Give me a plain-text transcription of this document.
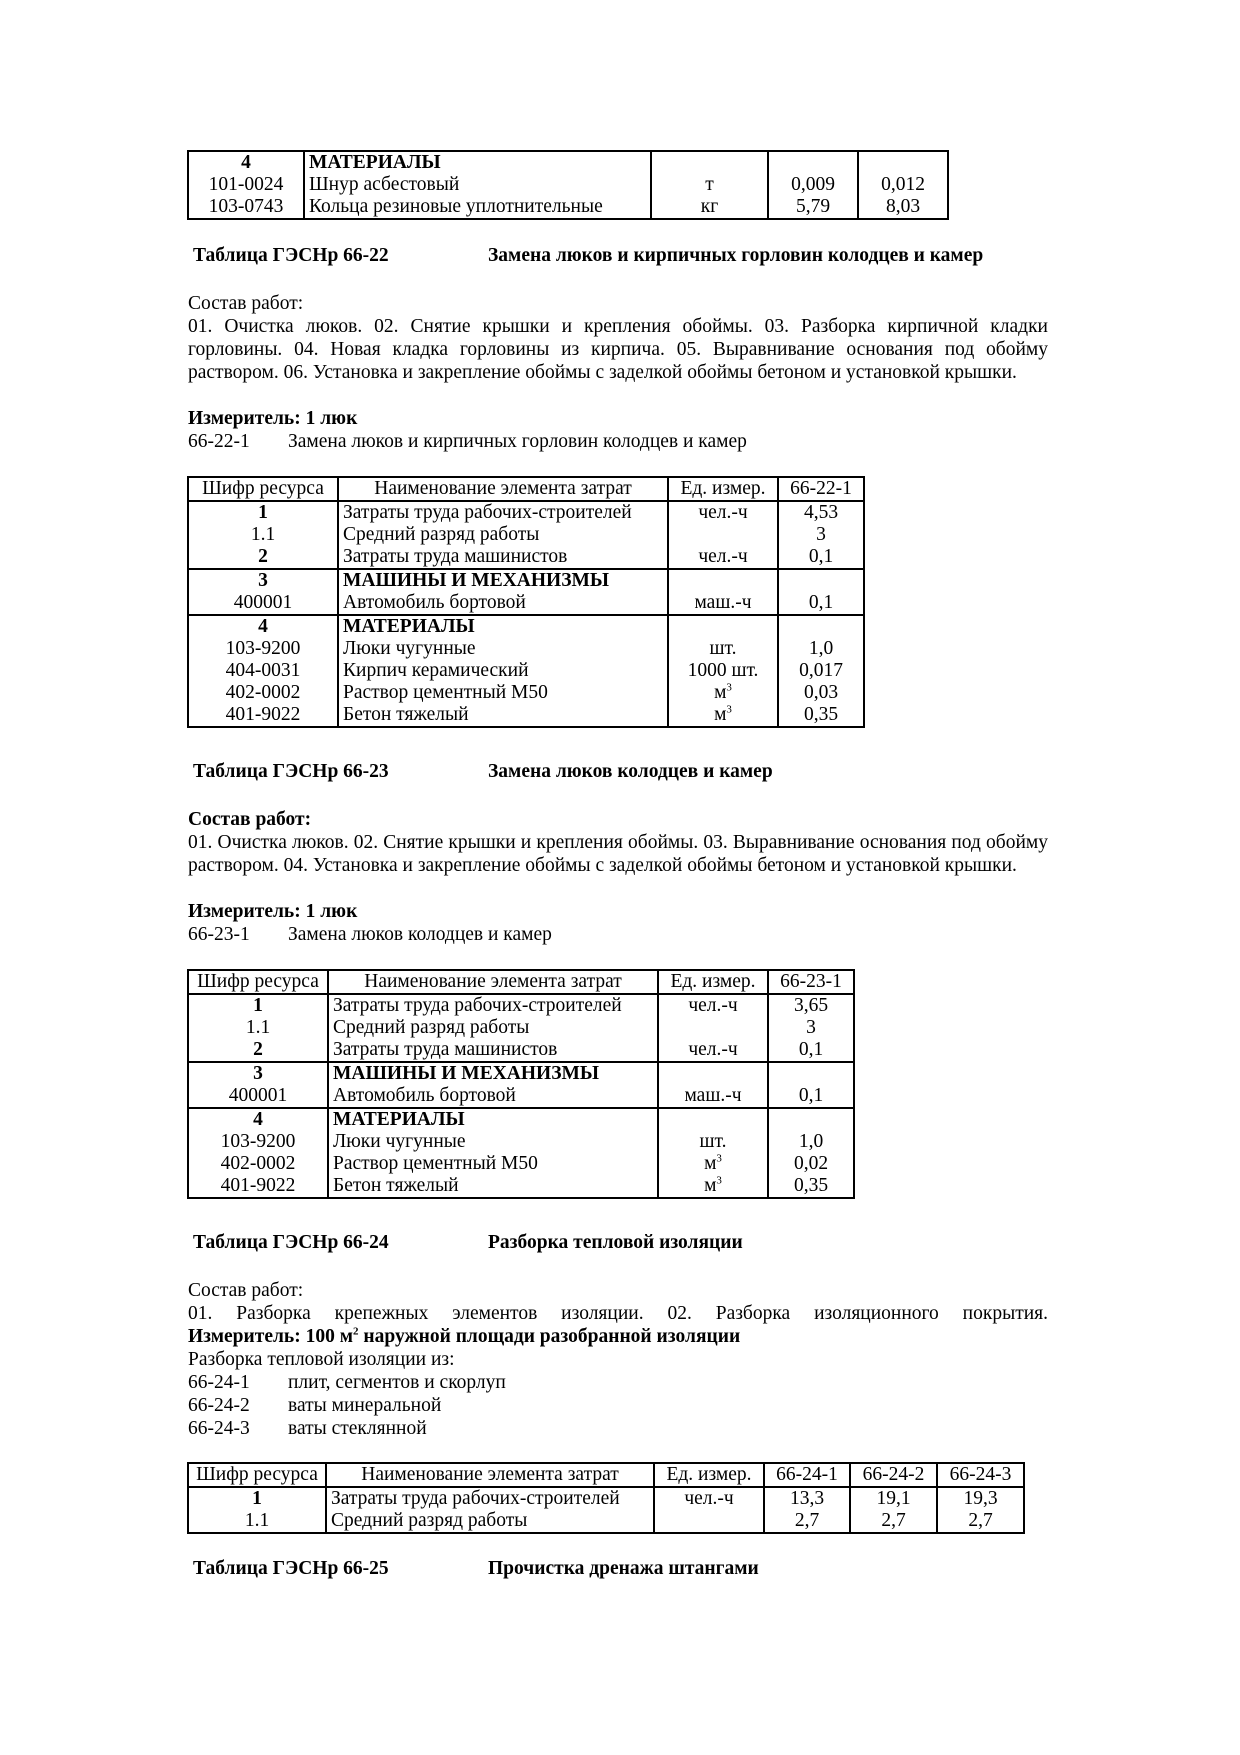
4	МАТЕРИАЛЫ			
101-0024	Шнур асбестовый	т	0,009	0,012
103-0743	Кольца резиновые уплотнительные	кг	5,79	8,03
Таблица ГЭСНр 66-22	Замена люков и кирпичных горловин колодцев и камер
Состав работ:
01. Очистка люков. 02. Снятие крышки и крепления обоймы. 03. Разборка кирпичной кладки горловины. 04. Новая кладка горловины из кирпича. 05. Выравнивание основания под обойму раствором. 06. Установка и закрепление обоймы с заделкой обоймы бетоном и установкой крышки.
Измеритель: 1 люк
66-22-1 Замена люков и кирпичных горловин колодцев и камер
Шифр ресурса	Наименование элемента затрат	Ед. измер.	66-22-1
1	Затраты труда рабочих-строителей	чел.-ч	4,53
1.1	Средний разряд работы		3
2	Затраты труда машинистов	чел.-ч	0,1
3	МАШИНЫ И МЕХАНИЗМЫ		
400001	Автомобиль бортовой	маш.-ч	0,1
4	МАТЕРИАЛЫ		
103-9200	Люки чугунные	шт.	1,0
404-0031	Кирпич керамический	1000 шт.	0,017
402-0002	Раствор цементный М50	$м^3$	0,03
401-9022	Бетон тяжелый	$м^3$	0,35
Таблица ГЭСНр 66-23	Замена люков колодцев и камер
Состав работ:
01. Очистка люков. 02. Снятие крышки и крепления обоймы. 03. Выравнивание основания под обойму раствором. 04. Установка и закрепление обоймы с заделкой обоймы бетоном и установкой крышки.
Измеритель: 1 люк
66-23-1 Замена люков колодцев и камер
Шифр ресурса	Наименование элемента затрат	Ед. измер.	66-23-1
1	Затраты труда рабочих-строителей	чел.-ч	3,65
1.1	Средний разряд работы		3
2	Затраты труда машинистов	чел.-ч	0,1
3	МАШИНЫ И МЕХАНИЗМЫ		
400001	Автомобиль бортовой	маш.-ч	0,1
4	МАТЕРИАЛЫ		
103-9200	Люки чугунные	шт.	1,0
402-0002	Раствор цементный М50	$м^3$	0,02
401-9022	Бетон тяжелый	$м^3$	0,35
Таблица ГЭСНр 66-24	Разборка тепловой изоляции
Состав работ:
01. Разборка крепежных элементов изоляции. 02. Разборка изоляционного покрытия.
Измеритель: 100 $м^2$ наружной площади разобранной изоляции
Разборка тепловой изоляции из:
66-24-1 плит, сегментов и скорлуп
66-24-2 ваты минеральной
66-24-3 ваты стеклянной
Шифр ресурса	Наименование элемента затрат	Ед. измер.	66-24-1	66-24-2	66-24-3
1	Затраты труда рабочих-строителей	чел.-ч	13,3	19,1	19,3
1.1	Средний разряд работы		2,7	2,7	2,7
Таблица ГЭСНр 66-25	Прочистка дренажа штангами
